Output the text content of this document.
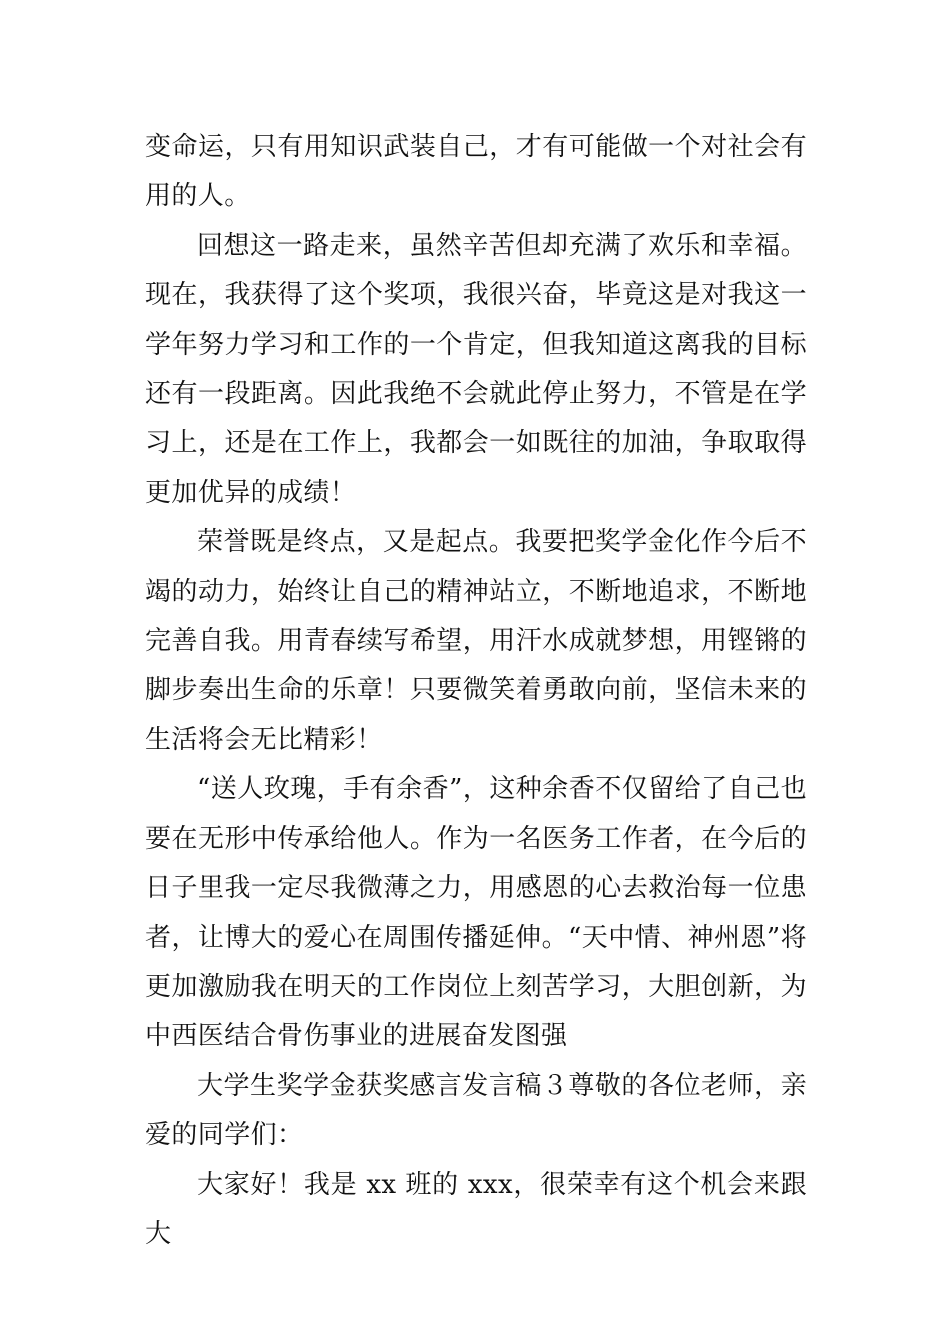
变命运，只有用知识武装自己，才有可能做一个对社会有用的人。

回想这一路走来，虽然辛苦但却充满了欢乐和幸福。现在，我获得了这个奖项，我很兴奋，毕竟这是对我这一学年努力学习和工作的一个肯定，但我知道这离我的目标还有一段距离。因此我绝不会就此停止努力，不管是在学习上，还是在工作上，我都会一如既往的加油，争取取得更加优异的成绩！

荣誉既是终点，又是起点。我要把奖学金化作今后不竭的动力，始终让自己的精神站立，不断地追求，不断地完善自我。用青春续写希望，用汗水成就梦想，用铿锵的脚步奏出生命的乐章！只要微笑着勇敢向前，坚信未来的生活将会无比精彩！

“送人玫瑰，手有余香”，这种余香不仅留给了自己也要在无形中传承给他人。作为一名医务工作者，在今后的日子里我一定尽我微薄之力，用感恩的心去救治每一位患者，让博大的爱心在周围传播延伸。“天中情、神州恩”将更加激励我在明天的工作岗位上刻苦学习，大胆创新，为中西医结合骨伤事业的进展奋发图强

大学生奖学金获奖感言发言稿３尊敬的各位老师，亲爱的同学们：

大家好！我是 xx 班的 xxx，很荣幸有这个机会来跟大
